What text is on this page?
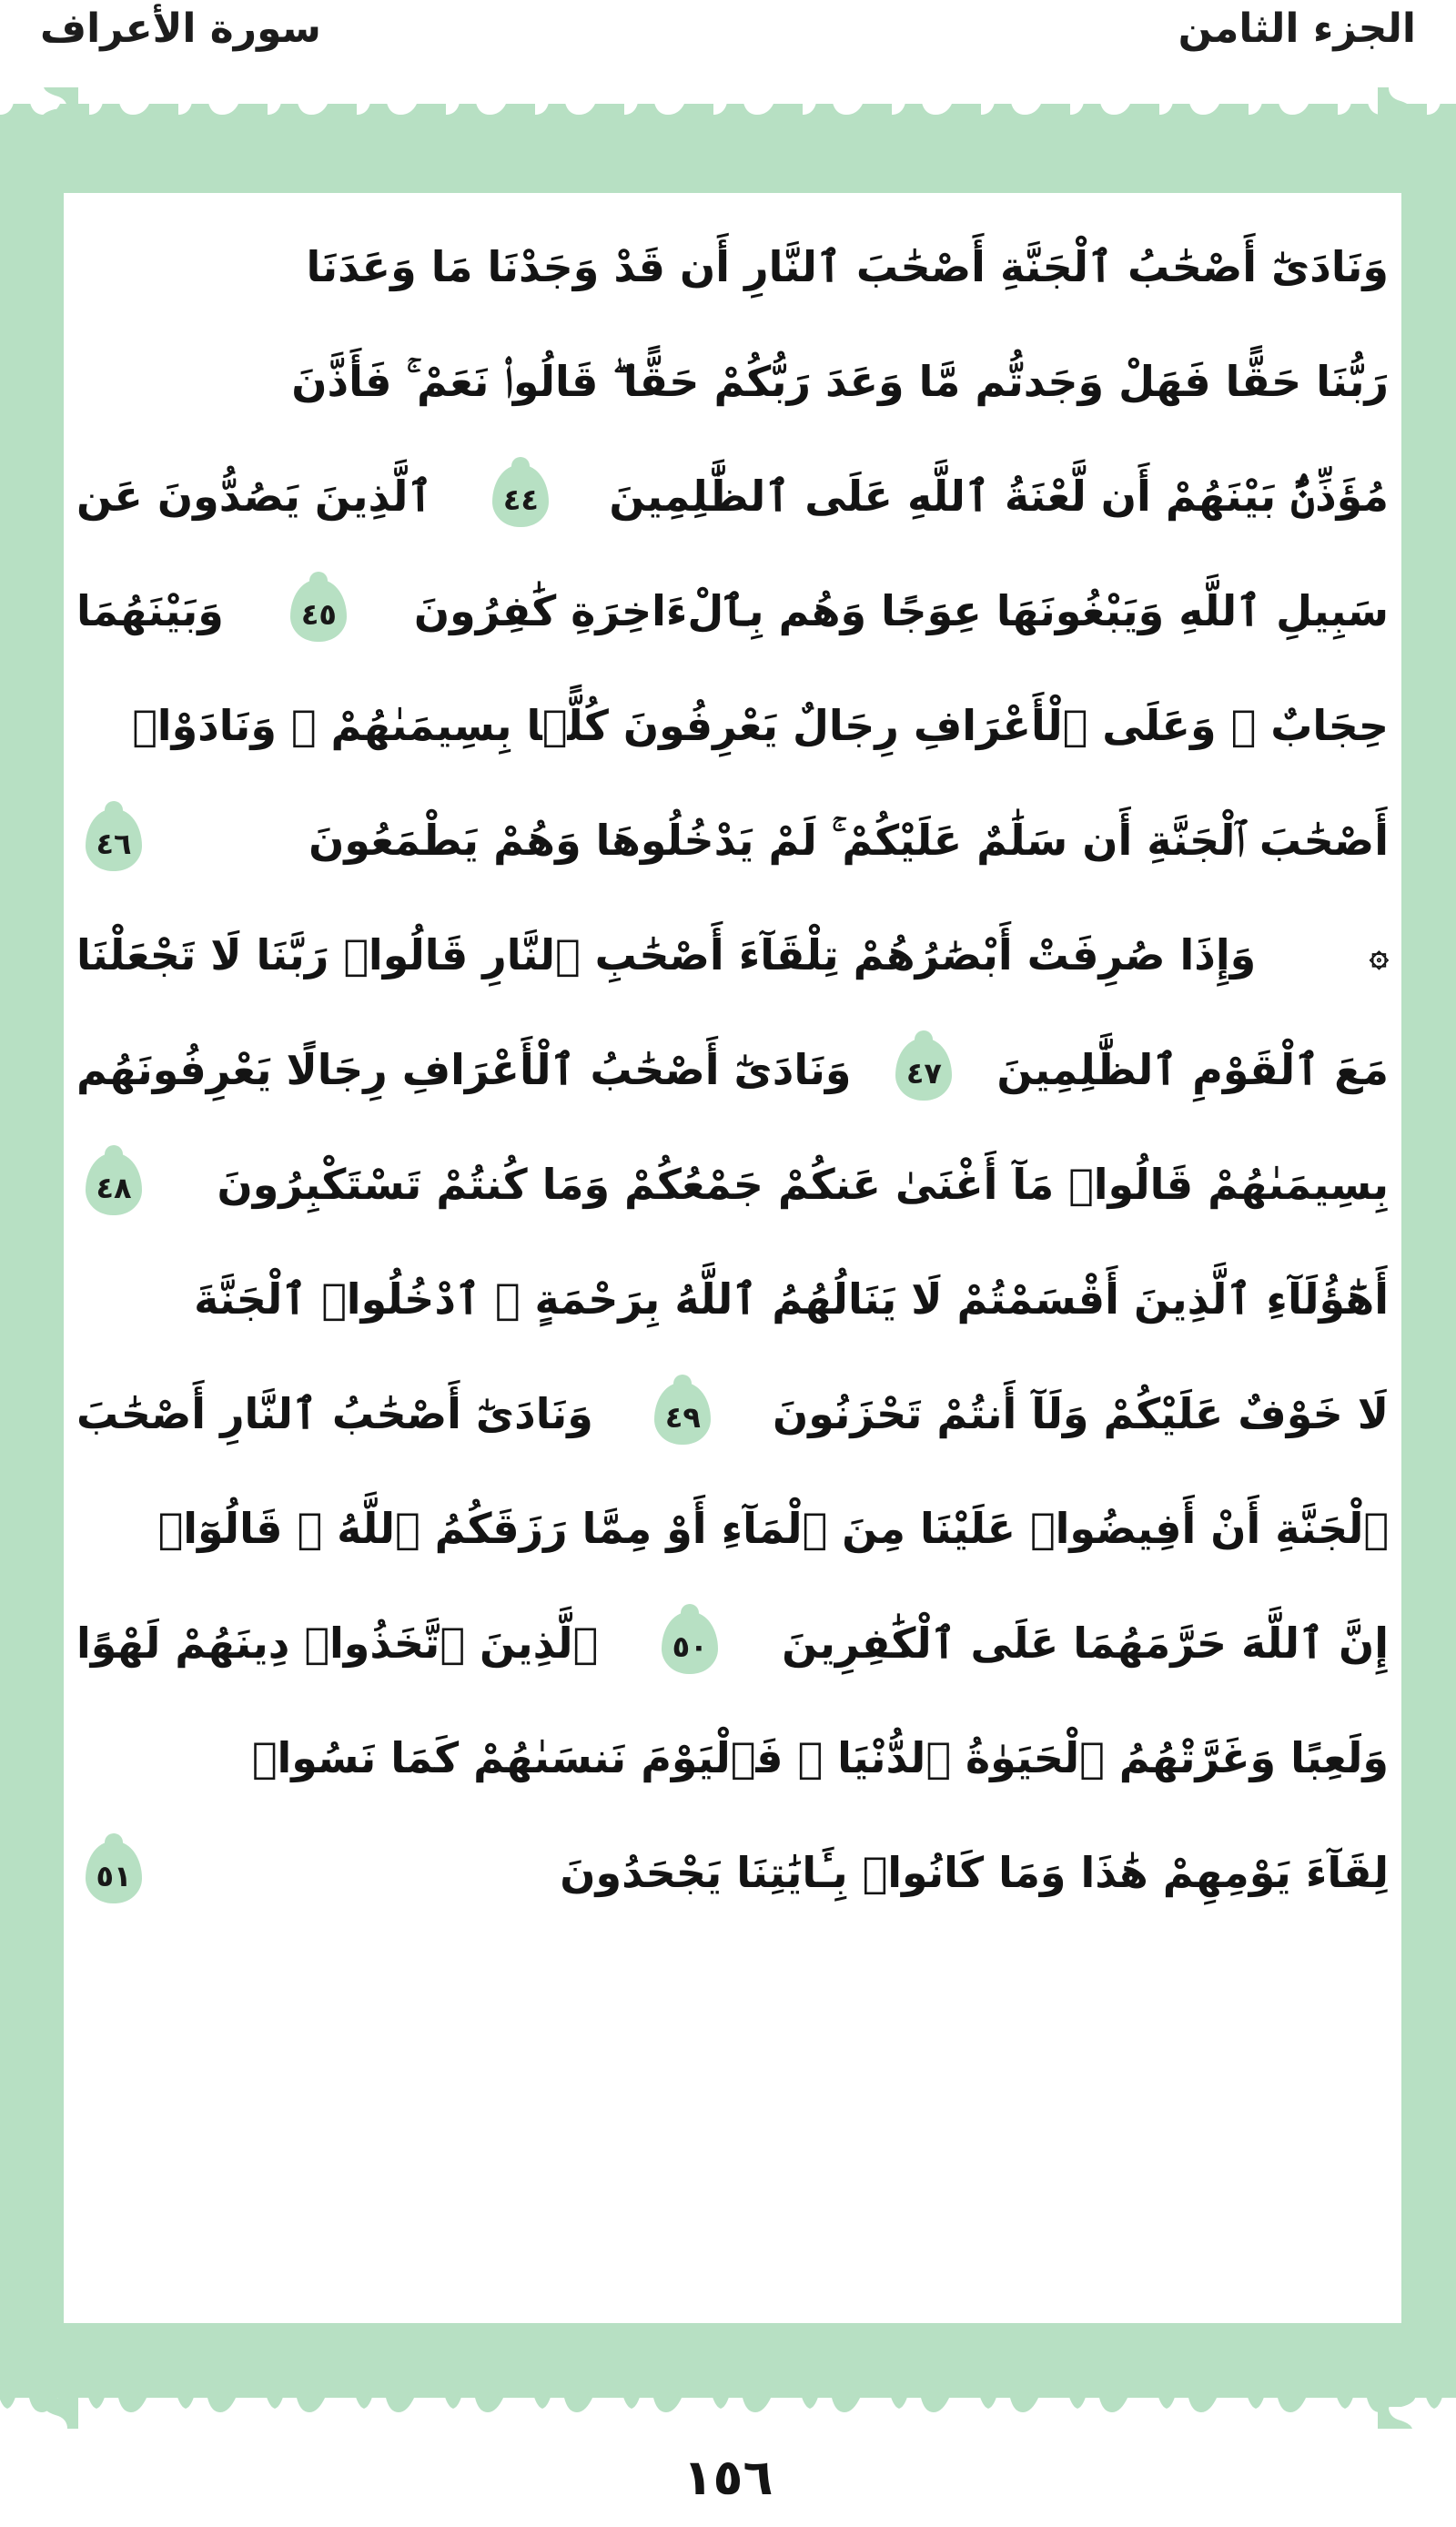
الجزء الثامن
سورة الأعراف
وَنَادَىٰٓ أَصْحَٰبُ ٱلْجَنَّةِ أَصْحَٰبَ ٱلنَّارِ أَن قَدْ وَجَدْنَا مَا وَعَدَنَا
رَبُّنَا حَقًّا فَهَلْ وَجَدتُّم مَّا وَعَدَ رَبُّكُمْ حَقًّا ۖ قَالُوا۟ نَعَمْ ۚ فَأَذَّنَ
مُؤَذِّنٌۢ بَيْنَهُمْ أَن لَّعْنَةُ ٱللَّهِ عَلَى ٱلظَّٰلِمِينَ
٤٤
ٱلَّذِينَ يَصُدُّونَ عَن
سَبِيلِ ٱللَّهِ وَيَبْغُونَهَا عِوَجًا وَهُم بِٱلْءَاخِرَةِ كَٰفِرُونَ
٤٥
وَبَيْنَهُمَا
حِجَابٌ ۚ وَعَلَى ٱلْأَعْرَافِ رِجَالٌ يَعْرِفُونَ كُلًّۢا بِسِيمَىٰهُمْ ۚ وَنَادَوْا۟
أَصْحَٰبَ ٱلْجَنَّةِ أَن سَلَٰمٌ عَلَيْكُمْ ۚ لَمْ يَدْخُلُوهَا وَهُمْ يَطْمَعُونَ
٤٦
۞
وَإِذَا صُرِفَتْ أَبْصَٰرُهُمْ تِلْقَآءَ أَصْحَٰبِ ٱلنَّارِ قَالُوا۟ رَبَّنَا لَا تَجْعَلْنَا
مَعَ ٱلْقَوْمِ ٱلظَّٰلِمِينَ
٤٧
وَنَادَىٰٓ أَصْحَٰبُ ٱلْأَعْرَافِ رِجَالًا يَعْرِفُونَهُم
بِسِيمَىٰهُمْ قَالُوا۟ مَآ أَغْنَىٰ عَنكُمْ جَمْعُكُمْ وَمَا كُنتُمْ تَسْتَكْبِرُونَ
٤٨
أَهَٰٓؤُلَآءِ ٱلَّذِينَ أَقْسَمْتُمْ لَا يَنَالُهُمُ ٱللَّهُ بِرَحْمَةٍ ۚ ٱدْخُلُوا۟ ٱلْجَنَّةَ
لَا خَوْفٌ عَلَيْكُمْ وَلَآ أَنتُمْ تَحْزَنُونَ
٤٩
وَنَادَىٰٓ أَصْحَٰبُ ٱلنَّارِ أَصْحَٰبَ
ٱلْجَنَّةِ أَنْ أَفِيضُوا۟ عَلَيْنَا مِنَ ٱلْمَآءِ أَوْ مِمَّا رَزَقَكُمُ ٱللَّهُ ۚ قَالُوٓا۟
إِنَّ ٱللَّهَ حَرَّمَهُمَا عَلَى ٱلْكَٰفِرِينَ
٥٠
ٱلَّذِينَ ٱتَّخَذُوا۟ دِينَهُمْ لَهْوًا
وَلَعِبًا وَغَرَّتْهُمُ ٱلْحَيَوٰةُ ٱلدُّنْيَا ۚ فَٱلْيَوْمَ نَنسَىٰهُمْ كَمَا نَسُوا۟
لِقَآءَ يَوْمِهِمْ هَٰذَا وَمَا كَانُوا۟ بِـَٔايَٰتِنَا يَجْحَدُونَ
٥١
١٥٦
